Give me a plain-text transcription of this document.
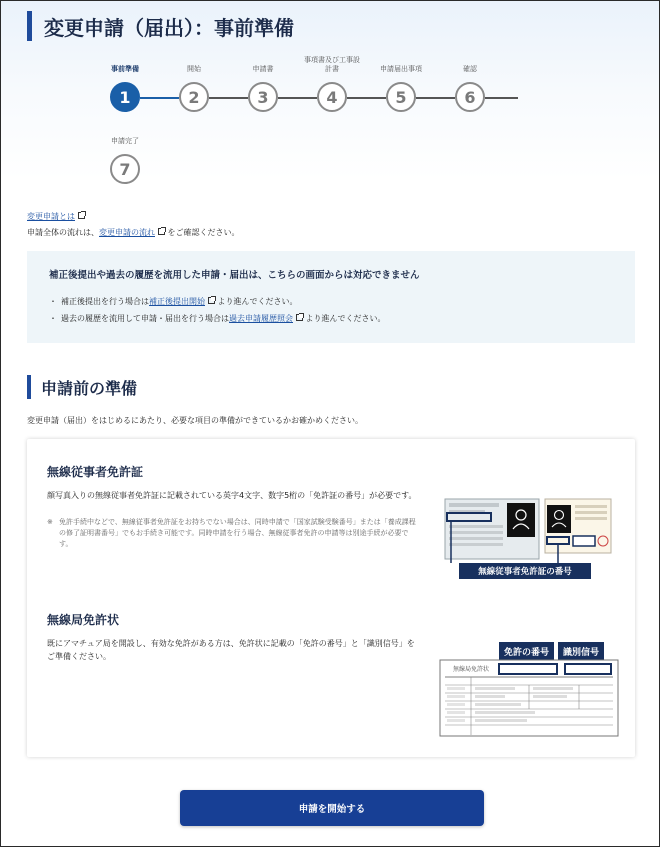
変更申請（届出）：事前準備
事前準備
1
開始
2
申請書
3
事項書及び工事設計書
4
申請届出事項
5
確認
6
申請完了
7
変更申請とは
申請全体の流れは、変更申請の流れ をご確認ください。
補正後提出や過去の履歴を流用した申請・届出は、こちらの画面からは対応できません
・ 補正後提出を行う場合は補正後提出開始 より進んでください。
・ 過去の履歴を流用して申請・届出を行う場合は過去申請履歴照会 より進んでください。
申請前の準備
変更申請（届出）をはじめるにあたり、必要な項目の準備ができているかお確かめください。
無線従事者免許証
顔写真入りの無線従事者免許証に記載されている英字4文字、数字5桁の「免許証の番号」が必要です。
※ 免許手続中などで、無線従事者免許証をお持ちでない場合は、同時申請で「国家試験受験番号」または「養成課程の修了証明書番号」でもお手続き可能です。同時申請を行う場合、無線従事者免許の申請等は別途手続が必要です。
無線従事者免許証の番号
無線局免許状
既にアマチュア局を開設し、有効な免許がある方は、免許状に記載の「免許の番号」と「識別信号」をご準備ください。	免許の番号	識別信号
無線局免許状
申請を開始する
